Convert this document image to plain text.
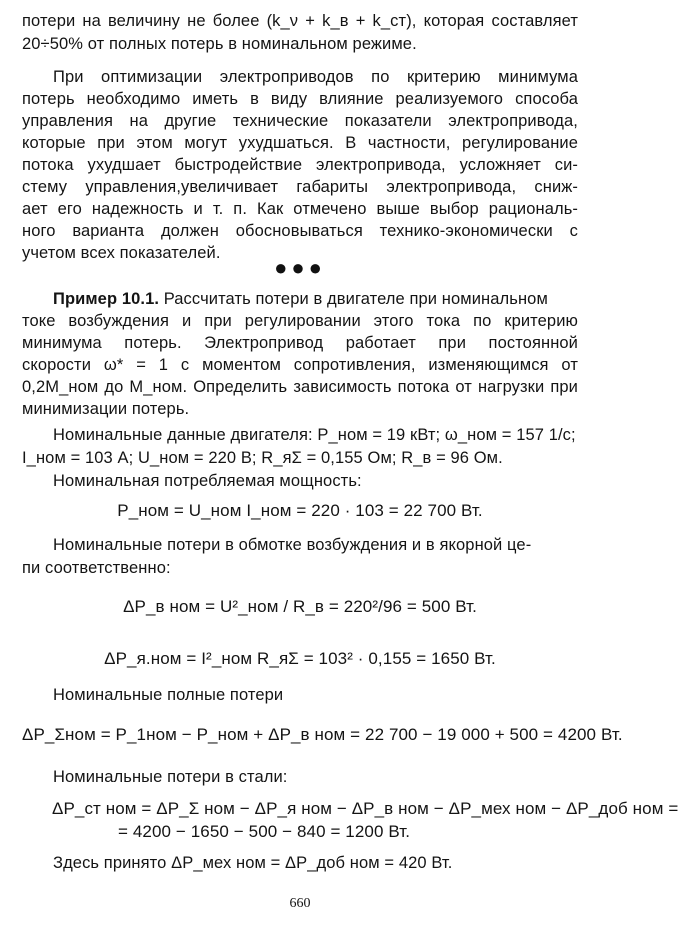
потери на величину не более (k_ν + k_в + k_ст), которая составляет
20÷50% от полных потерь в номинальном режиме.
При оптимизации электроприводов по критерию минимума
потерь необходимо иметь в виду влияние реализуемого способа
управления на другие технические показатели электропривода,
которые при этом могут ухудшаться. В частности, регулирование
потока ухудшает быстродействие электропривода, усложняет си-
стему управления,увеличивает габариты электропривода, сниж-
ает его надежность и т. п. Как отмечено выше выбор рациональ-
ного варианта должен обосновываться технико-экономически с
учетом всех показателей.
●●●
Пример 10.1. Рассчитать потери в двигателе при номинальном
токе возбуждения и при регулировании этого тока по критерию
минимума потерь. Электропривод работает при постоянной
скорости ω* = 1 с моментом сопротивления, изменяющимся от
0,2M_ном до M_ном. Определить зависимость потока от нагрузки при
минимизации потерь.
Номинальные данные двигателя: P_ном = 19 кВт; ω_ном = 157 1/с;
I_ном = 103 А; U_ном = 220 В; R_яΣ = 0,155 Ом; R_в = 96 Ом.
Номинальная потребляемая мощность:
P_ном = U_ном I_ном = 220 · 103 = 22 700 Вт.
Номинальные потери в обмотке возбуждения и в якорной це-
пи соответственно:
ΔP_в ном = U²_ном / R_в = 220²/96 = 500 Вт.
ΔP_я.ном = I²_ном R_яΣ = 103² · 0,155 = 1650 Вт.
Номинальные полные потери
ΔP_Σном = P_1ном − P_ном + ΔP_в ном = 22 700 − 19 000 + 500 = 4200 Вт.
Номинальные потери в стали:
ΔP_ст ном = ΔP_Σ ном − ΔP_я ном − ΔP_в ном − ΔP_мех ном − ΔP_доб ном =
= 4200 − 1650 − 500 − 840 = 1200 Вт.
Здесь принято ΔP_мех ном = ΔP_доб ном = 420 Вт.
660
